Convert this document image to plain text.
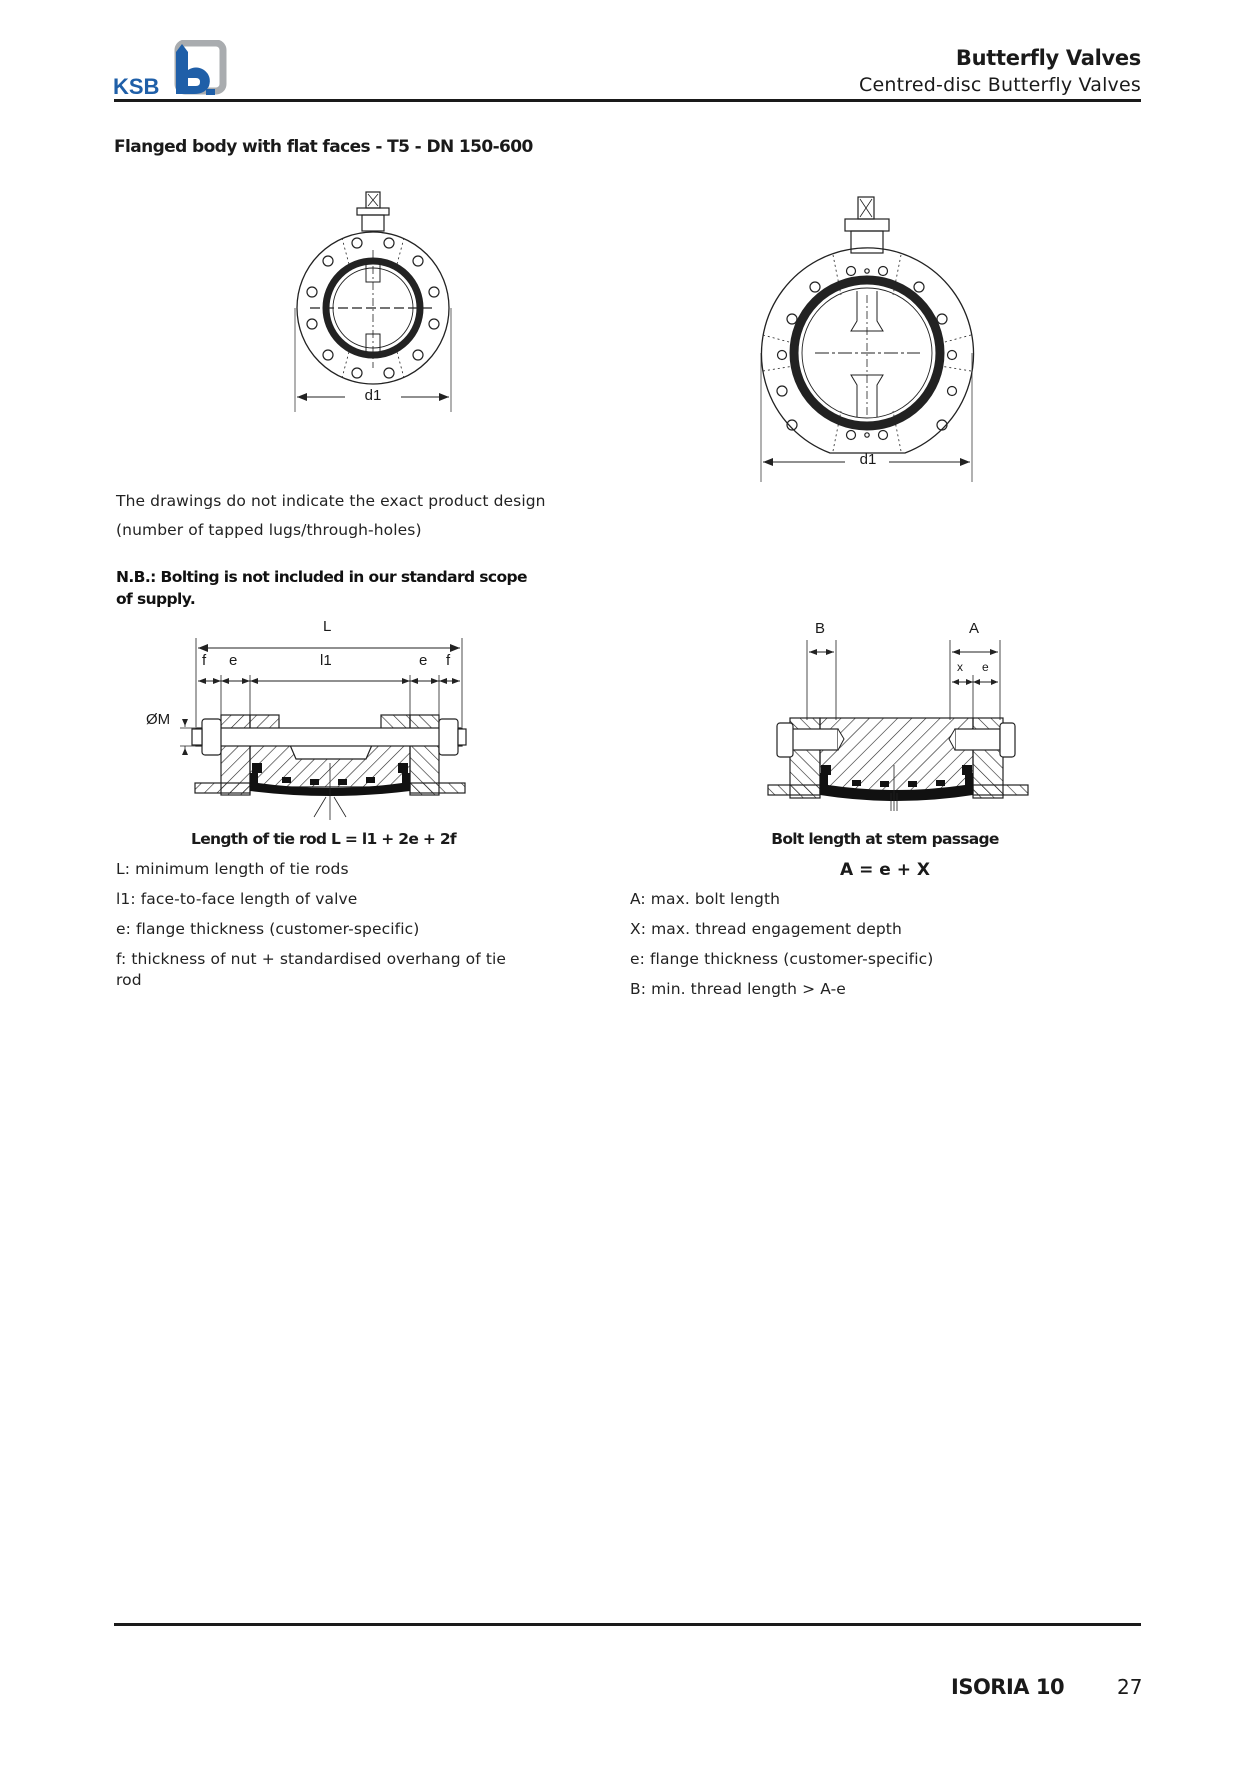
KSB
Butterfly Valves
Centred-disc Butterfly Valves
Flanged body with flat faces - T5 - DN 150-600
d1
d1
The drawings do not indicate the exact product design
(number of tapped lugs/through-holes)
N.B.: Bolting is not included in our standard scope
of supply.
L
f e	l1	e f
ØM
B	A
x e
Length of tie rod L = l1 + 2e + 2f
L: minimum length of tie rods
l1: face-to-face length of valve
e: flange thickness (customer-specific)
f: thickness of nut + standardised overhang of tie
rod
Bolt length at stem passage
A = e + X
A: max. bolt length
X: max. thread engagement depth
e: flange thickness (customer-specific)
B: min. thread length > A-e
ISORIA 10	27
